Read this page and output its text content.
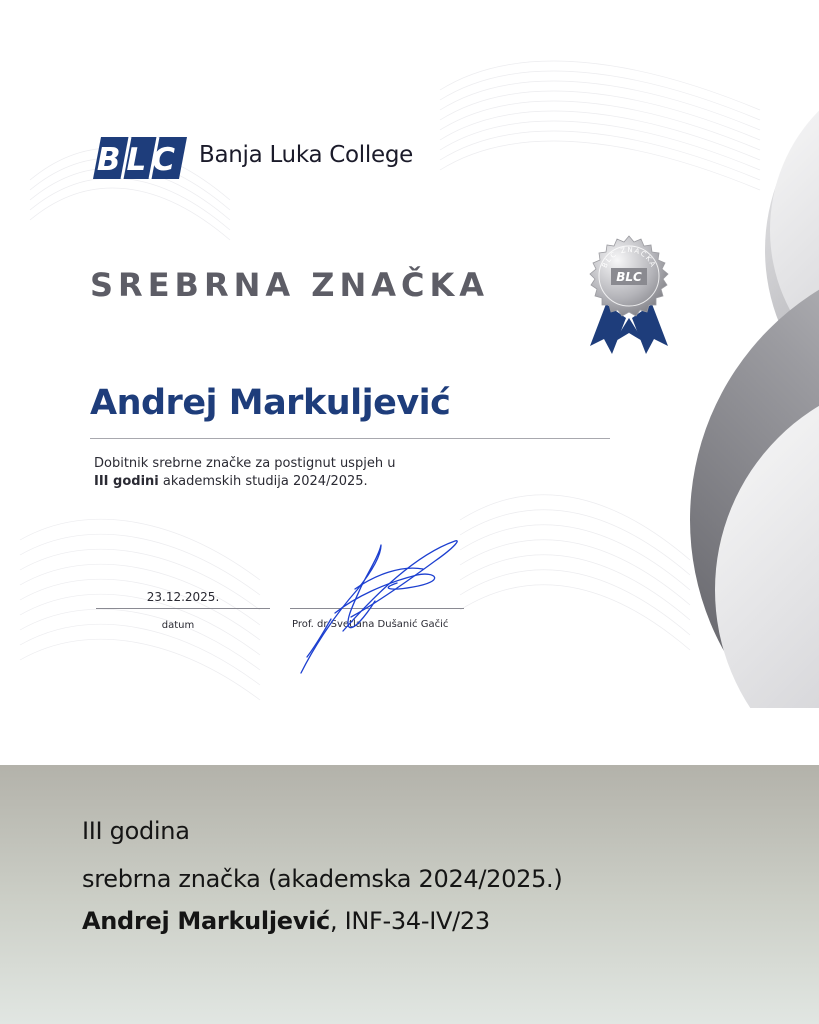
BLC Banja Luka College
SREBRNA ZNAČKA
BLC ZNAČKA
BLC
Andrej Markuljević
Dobitnik srebrne značke za postignut uspjeh u
III godini akademskih studija 2024/2025.
23.12.2025.
datum	Prof. dr Svetlana Dušanić Gačić
III godina
srebrna značka (akademska 2024/2025.)
Andrej Markuljević, INF-34-IV/23
